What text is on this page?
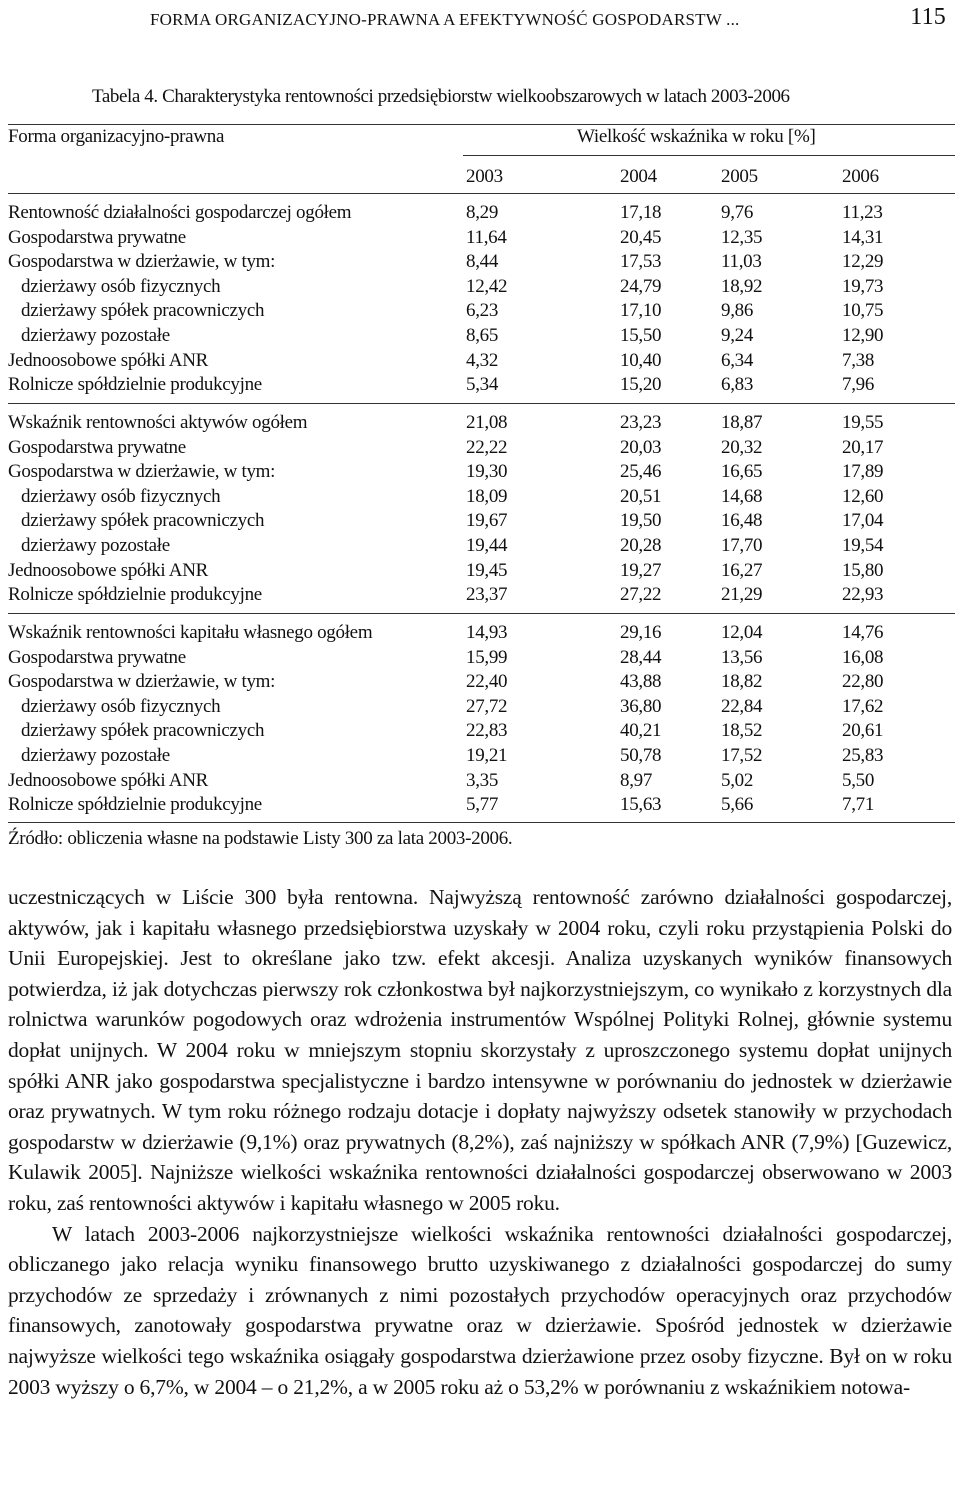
FORMA ORGANIZACYJNO-PRAWNA A EFEKTYWNOŚĆ GOSPODARSTW ...	115
Tabela 4. Charakterystyka rentowności przedsiębiorstw wielkoobszarowych w latach 2003-2006
Forma organizacyjno-prawna	Wielkość wskaźnika w roku [%]
2003	2004	2005	2006
Rentowność działalności gospodarczej ogółem	8,29	17,18	9,76	11,23
Gospodarstwa prywatne	11,64	20,45	12,35	14,31
Gospodarstwa w dzierżawie, w tym:	8,44	17,53	11,03	12,29
dzierżawy osób fizycznych	12,42	24,79	18,92	19,73
dzierżawy spółek pracowniczych	6,23	17,10	9,86	10,75
dzierżawy pozostałe	8,65	15,50	9,24	12,90
Jednoosobowe spółki ANR	4,32	10,40	6,34	7,38
Rolnicze spółdzielnie produkcyjne	5,34	15,20	6,83	7,96
Wskaźnik rentowności aktywów ogółem	21,08	23,23	18,87	19,55
Gospodarstwa prywatne	22,22	20,03	20,32	20,17
Gospodarstwa w dzierżawie, w tym:	19,30	25,46	16,65	17,89
dzierżawy osób fizycznych	18,09	20,51	14,68	12,60
dzierżawy spółek pracowniczych	19,67	19,50	16,48	17,04
dzierżawy pozostałe	19,44	20,28	17,70	19,54
Jednoosobowe spółki ANR	19,45	19,27	16,27	15,80
Rolnicze spółdzielnie produkcyjne	23,37	27,22	21,29	22,93
Wskaźnik rentowności kapitału własnego ogółem	14,93	29,16	12,04	14,76
Gospodarstwa prywatne	15,99	28,44	13,56	16,08
Gospodarstwa w dzierżawie, w tym:	22,40	43,88	18,82	22,80
dzierżawy osób fizycznych	27,72	36,80	22,84	17,62
dzierżawy spółek pracowniczych	22,83	40,21	18,52	20,61
dzierżawy pozostałe	19,21	50,78	17,52	25,83
Jednoosobowe spółki ANR	3,35	8,97	5,02	5,50
Rolnicze spółdzielnie produkcyjne	5,77	15,63	5,66	7,71
Źródło: obliczenia własne na podstawie Listy 300 za lata 2003-2006.

uczestniczących w Liście 300 była rentowna. Najwyższą rentowność zarówno działalności gospodarczej, aktywów, jak i kapitału własnego przedsiębiorstwa uzyskały w 2004 roku, czyli roku przystąpienia Polski do Unii Europejskiej. Jest to określane jako tzw. efekt akcesji. Analiza uzyskanych wyników finansowych potwierdza, iż jak dotychczas pierwszy rok członkostwa był najkorzystniejszym, co wynikało z korzystnych dla rolnictwa warunków pogodowych oraz wdrożenia instrumentów Wspólnej Polityki Rolnej, głównie systemu dopłat unijnych. W 2004 roku w mniejszym stopniu skorzystały z uproszczonego systemu dopłat unijnych spółki ANR jako gospodarstwa specjalistyczne i bardzo intensywne w porównaniu do jednostek w dzierżawie oraz prywatnych. W tym roku różnego rodzaju dotacje i dopłaty najwyższy odsetek stanowiły w przychodach gospodarstw w dzierżawie (9,1%) oraz prywatnych (8,2%), zaś najniższy w spółkach ANR (7,9%) [Guzewicz, Kulawik 2005]. Najniższe wielkości wskaźnika rentowności działalności gospodarczej obserwowano w 2003 roku, zaś rentowności aktywów i kapitału własnego w 2005 roku.

W latach 2003-2006 najkorzystniejsze wielkości wskaźnika rentowności działalności gospodarczej, obliczanego jako relacja wyniku finansowego brutto uzyskiwanego z działalności gospodarczej do sumy przychodów ze sprzedaży i zrównanych z nimi pozostałych przychodów operacyjnych oraz przychodów finansowych, zanotowały gospodarstwa prywatne oraz w dzierżawie. Spośród jednostek w dzierżawie najwyższe wielkości tego wskaźnika osiągały gospodarstwa dzierżawione przez osoby fizyczne. Był on w roku 2003 wyższy o 6,7%, w 2004 – o 21,2%, a w 2005 roku aż o 53,2% w porównaniu z wskaźnikiem notowa-
